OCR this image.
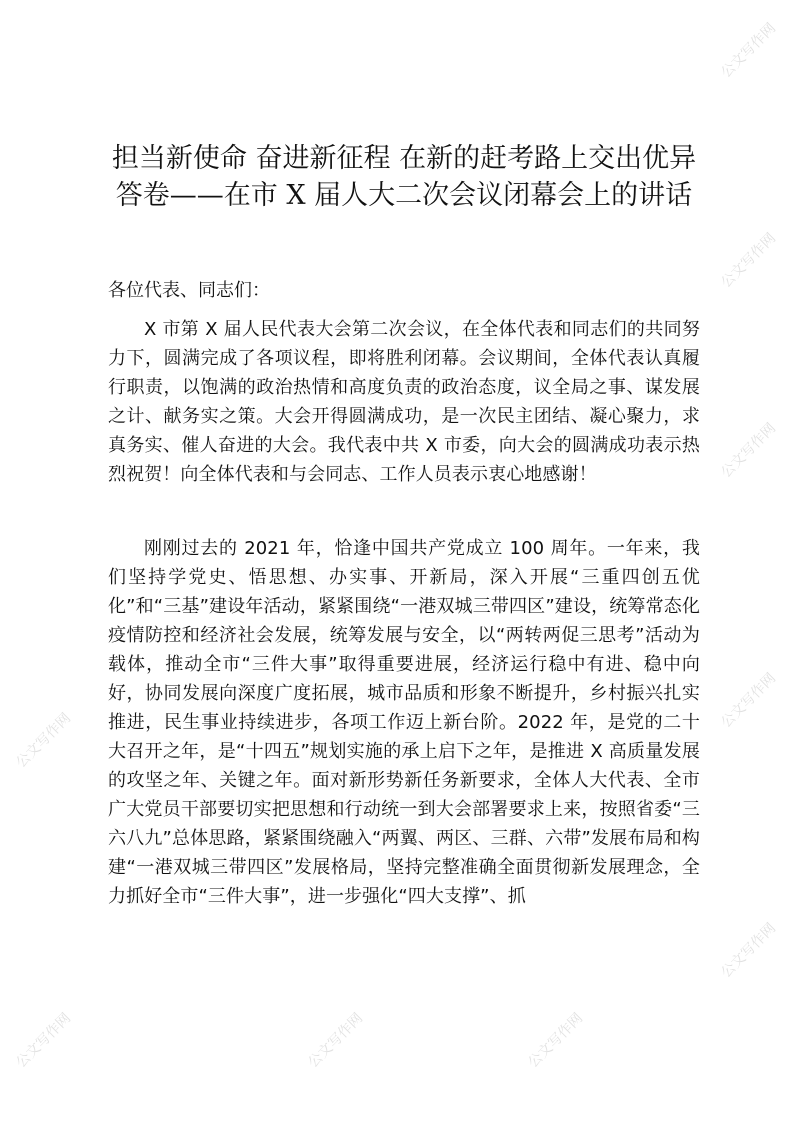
公文写作网
公文写作网
公文写作网
公文写作网
公文写作网
公文写作网
公文写作网	公文写作网	公文写作网
担当新使命 奋进新征程 在新的赶考路上交出优异答卷——在市 X 届人大二次会议闭幕会上的讲话
各位代表、同志们：
X 市第 X 届人民代表大会第二次会议，在全体代表和同志们的共同努力下，圆满完成了各项议程，即将胜利闭幕。会议期间，全体代表认真履行职责，以饱满的政治热情和高度负责的政治态度，议全局之事、谋发展之计、献务实之策。大会开得圆满成功，是一次民主团结、凝心聚力，求真务实、催人奋进的大会。我代表中共 X 市委，向大会的圆满成功表示热烈祝贺！向全体代表和与会同志、工作人员表示衷心地感谢！
刚刚过去的 2021 年，恰逢中国共产党成立 100 周年。一年来，我们坚持学党史、悟思想、办实事、开新局，深入开展“三重四创五优化”和“三基”建设年活动，紧紧围绕“一港双城三带四区”建设，统筹常态化疫情防控和经济社会发展，统筹发展与安全，以“两转两促三思考”活动为载体，推动全市“三件大事”取得重要进展，经济运行稳中有进、稳中向好，协同发展向深度广度拓展，城市品质和形象不断提升，乡村振兴扎实推进，民生事业持续进步，各项工作迈上新台阶。2022 年，是党的二十大召开之年，是“十四五”规划实施的承上启下之年，是推进 X 高质量发展的攻坚之年、关键之年。面对新形势新任务新要求，全体人大代表、全市广大党员干部要切实把思想和行动统一到大会部署要求上来，按照省委“三六八九”总体思路，紧紧围绕融入“两翼、两区、三群、六带”发展布局和构建“一港双城三带四区”发展格局，坚持完整准确全面贯彻新发展理念，全力抓好全市“三件大事”，进一步强化“四大支撑”、抓
